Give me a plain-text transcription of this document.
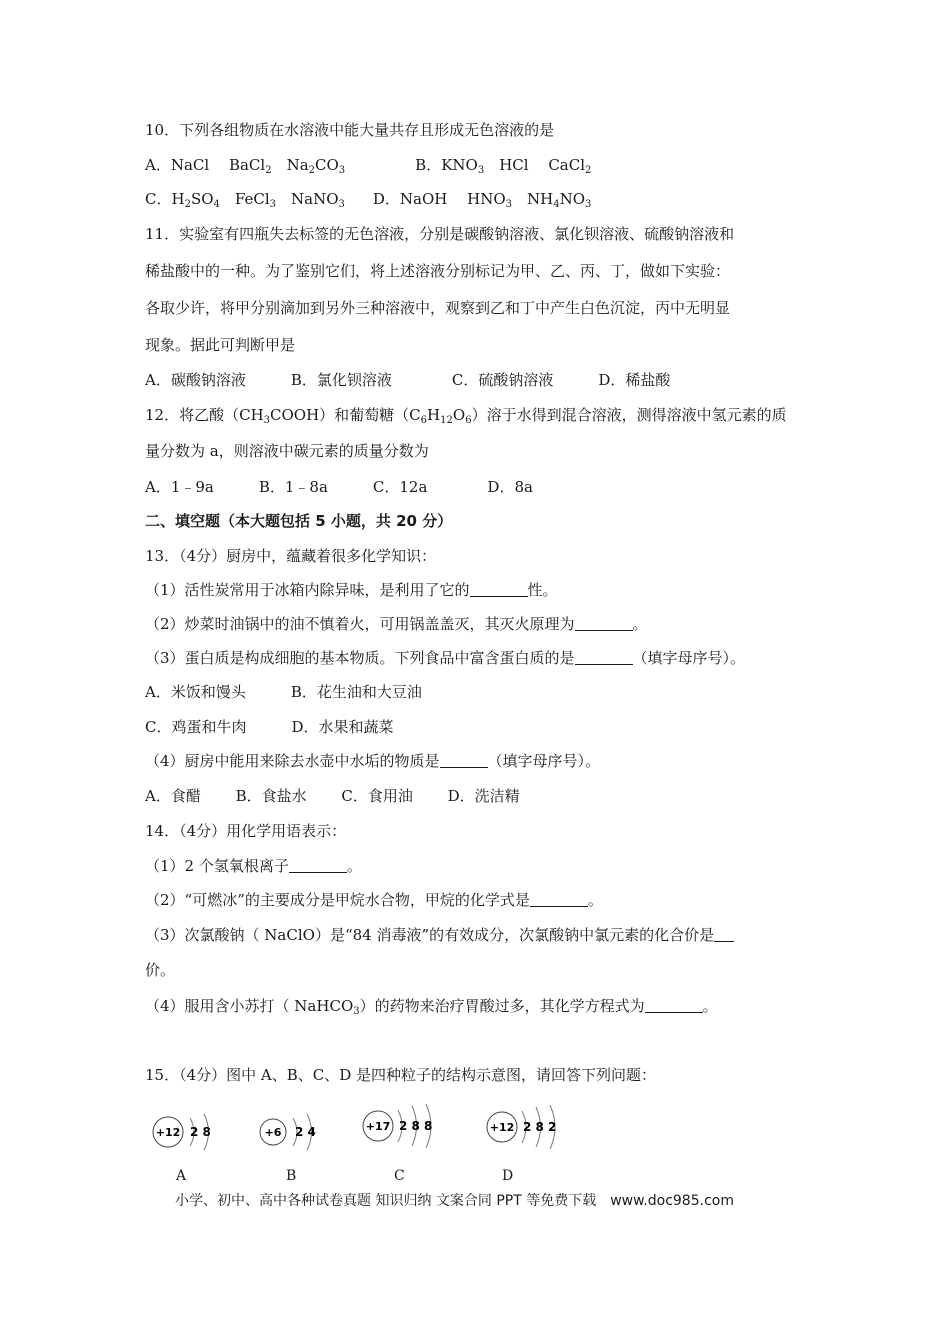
10．下列各组物质在水溶液中能大量共存且形成无色溶液的是
A．NaCl　 BaCl$_2$　$Na_2CO_3$	B．$KNO_3$　HCl　 CaCl$_2$
C．$H_2SO_4$　FeCl$_3$　NaNO$_3$ D．NaOH　 $HNO_3$　$NH_4NO_3$
11．实验室有四瓶失去标签的无色溶液，分别是碳酸钠溶液、氯化钡溶液、硫酸钠溶液和
稀盐酸中的一种。为了鉴别它们，将上述溶液分别标记为甲、乙、丙、丁，做如下实验：
各取少许，将甲分别滴加到另外三种溶液中，观察到乙和丁中产生白色沉淀，丙中无明显
现象。据此可判断甲是
A．碳酸钠溶液　　　B．氯化钡溶液　　　　C．硫酸钠溶液　　　D．稀盐酸
12．将乙酸$(CH_3COOH)$和葡萄糖$(C_6H_{12}O_6)$溶于水得到混合溶液，测得溶液中氢元素的质
量分数为 a，则溶液中碳元素的质量分数为
A．1﹣9a　　　B．1﹣8a　　　C．12a　　　　D．8a
二、填空题（本大题包括 5 小题，共 20 分）
13．（4分）厨房中，蕴藏着很多化学知识：
（1）活性炭常用于冰箱内除异味，是利用了它的	性。
（2）炒菜时油锅中的油不慎着火，可用锅盖盖灭，其灭火原理为	。
（3）蛋白质是构成细胞的基本物质。下列食品中富含蛋白质的是	（填字母序号）。
A．米饭和馒头　　　B．花生油和大豆油
C．鸡蛋和牛肉　　　D．水果和蔬菜
（4）厨房中能用来除去水壶中水垢的物质是	（填字母序号）。
A．食醋　　 B．食盐水　　 C．食用油　　 D．洗洁精
14．（4分）用化学用语表示：
（1）2 个氢氧根离子	。
（2）“可燃冰”的主要成分是甲烷水合物，甲烷的化学式是	。
（3）次氯酸钠（ NaClO）是“84 消毒液”的有效成分，次氯酸钠中氯元素的化合价是
价。
（4）服用含小苏打（ NaHCO$_3$）的药物来治疗胃酸过多，其化学方程式为	。
15．（4分）图中 A、B、C、D 是四种粒子的结构示意图，请回答下列问题：
+12 2 8	+6 2 4	+17 2 8 8	+12 2 8 2
A	B	C	D
小学、初中、高中各种试卷真题 知识归纳 文案合同 PPT 等免费下载　www.doc985.com
